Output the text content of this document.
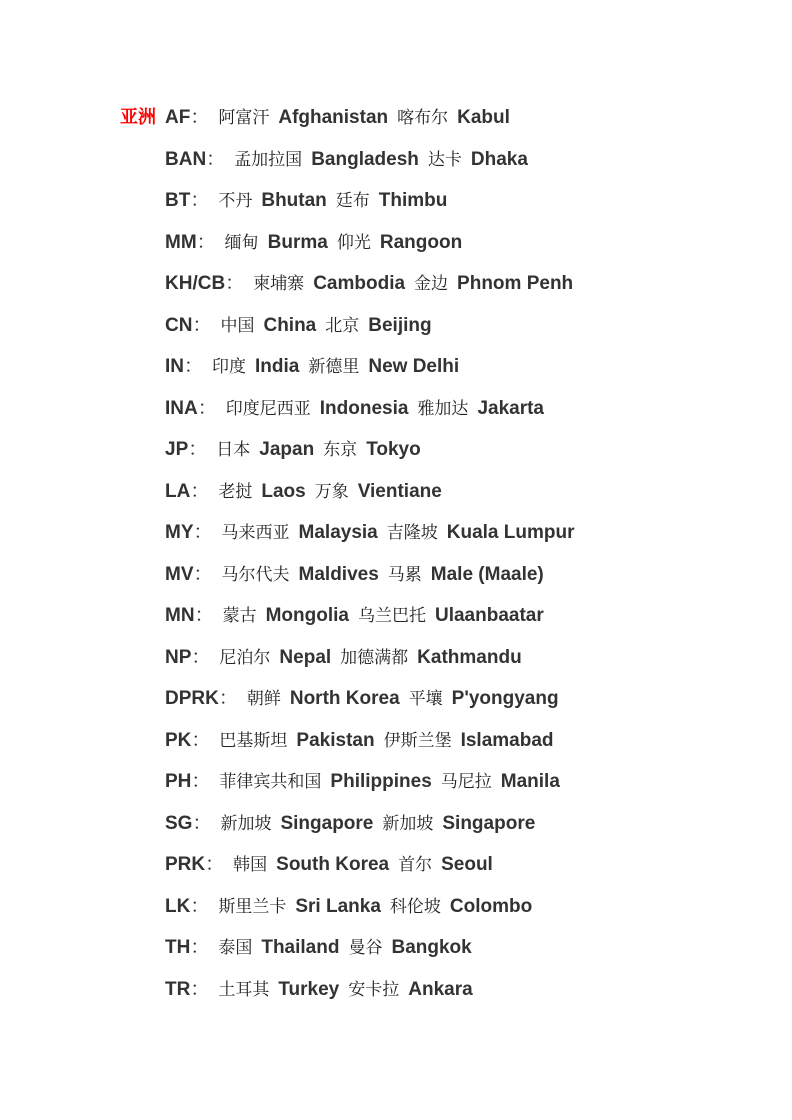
亚洲 AF： 阿富汗 Afghanistan 喀布尔 Kabul
BAN： 孟加拉国 Bangladesh 达卡 Dhaka
BT： 不丹 Bhutan 廷布 Thimbu
MM： 缅甸 Burma 仰光 Rangoon
KH/CB： 柬埔寨 Cambodia 金边 Phnom Penh
CN： 中国 China 北京 Beijing
IN： 印度 India 新德里 New Delhi
INA： 印度尼西亚 Indonesia 雅加达 Jakarta
JP： 日本 Japan 东京 Tokyo
LA： 老挝 Laos 万象 Vientiane
MY： 马来西亚 Malaysia 吉隆坡 Kuala Lumpur
MV： 马尔代夫 Maldives 马累 Male (Maale)
MN： 蒙古 Mongolia 乌兰巴托 Ulaanbaatar
NP： 尼泊尔 Nepal 加德满都 Kathmandu
DPRK： 朝鲜 North Korea 平壤 P'yongyang
PK： 巴基斯坦 Pakistan 伊斯兰堡 Islamabad
PH： 菲律宾共和国 Philippines 马尼拉 Manila
SG： 新加坡 Singapore 新加坡 Singapore
PRK： 韩国 South Korea 首尔 Seoul
LK： 斯里兰卡 Sri Lanka 科伦坡 Colombo
TH： 泰国 Thailand 曼谷 Bangkok
TR： 土耳其 Turkey 安卡拉 Ankara
